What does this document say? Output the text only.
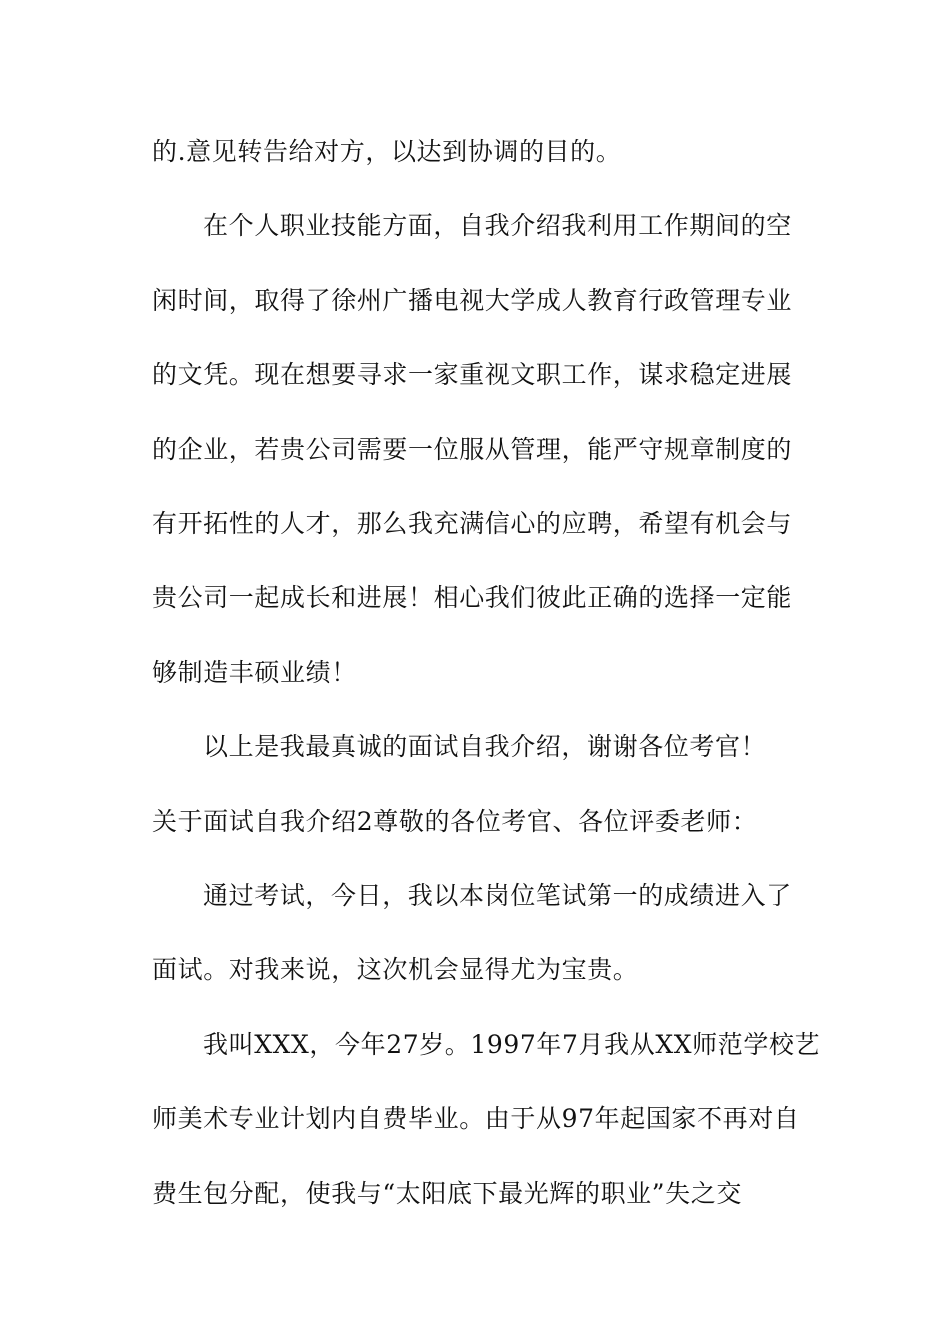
的.意见转告给对方，以达到协调的目的。
在个人职业技能方面，自我介绍我利用工作期间的空
闲时间，取得了徐州广播电视大学成人教育行政管理专业
的文凭。现在想要寻求一家重视文职工作，谋求稳定进展
的企业，若贵公司需要一位服从管理，能严守规章制度的
有开拓性的人才，那么我充满信心的应聘，希望有机会与
贵公司一起成长和进展！相心我们彼此正确的选择一定能
够制造丰硕业绩！
以上是我最真诚的面试自我介绍，谢谢各位考官！
关于面试自我介绍2尊敬的各位考官、各位评委老师：
通过考试，今日，我以本岗位笔试第一的成绩进入了
面试。对我来说，这次机会显得尤为宝贵。
我叫XXX，今年27岁。1997年7月我从XX师范学校艺
师美术专业计划内自费毕业。由于从97年起国家不再对自
费生包分配，使我与“太阳底下最光辉的职业”失之交
